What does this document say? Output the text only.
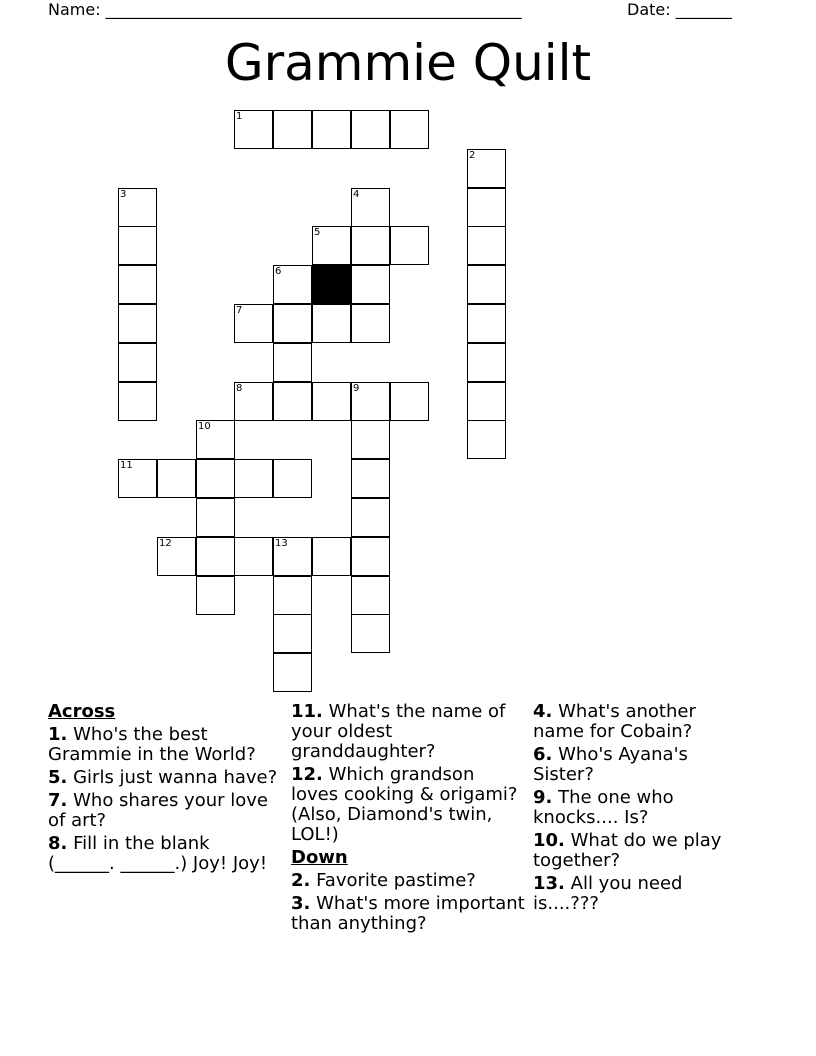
Name: ____________________________________________________	Date: _______
Grammie Quilt
1
2
3	4
5
6
7
8	9
10
11
12	13
Across
1. Who's the best Grammie in the World?
5. Girls just wanna have?
7. Who shares your love of art?
8. Fill in the blank (______. ______.) Joy! Joy!
11. What's the name of your oldest granddaughter?
12. Which grandson loves cooking & origami? (Also, Diamond's twin, LOL!)
Down
2. Favorite pastime?
3. What's more important than anything?
4. What's another name for Cobain?
6. Who's Ayana's Sister?
9. The one who knocks.... Is?
10. What do we play together?
13. All you need is....???
